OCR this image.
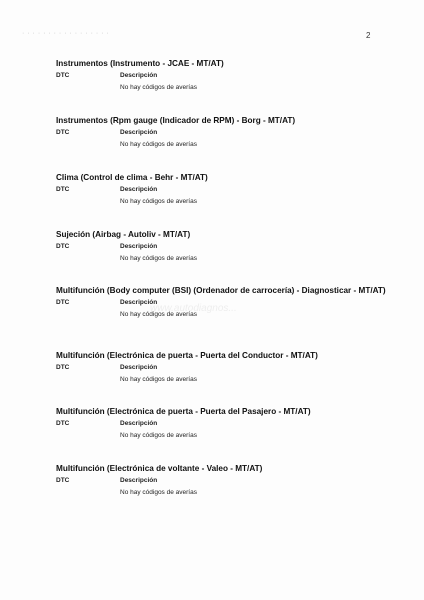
· · · · · · · · · · · · · · · · ·	2
www.autodiagnos...
Instrumentos (Instrumento - JCAE - MT/AT)
DTC	Descripción
No hay códigos de averías
Instrumentos (Rpm gauge (Indicador de RPM) - Borg - MT/AT)
DTC	Descripción
No hay códigos de averías
Clima (Control de clima - Behr - MT/AT)
DTC	Descripción
No hay códigos de averías
Sujeción (Airbag - Autoliv - MT/AT)
DTC	Descripción
No hay códigos de averías
Multifunción (Body computer (BSI) (Ordenador de carrocería) - Diagnosticar - MT/AT)
DTC	Descripción
No hay códigos de averías
Multifunción (Electrónica de puerta - Puerta del Conductor - MT/AT)
DTC	Descripción
No hay códigos de averías
Multifunción (Electrónica de puerta - Puerta del Pasajero - MT/AT)
DTC	Descripción
No hay códigos de averías
Multifunción (Electrónica de voltante - Valeo - MT/AT)
DTC	Descripción
No hay códigos de averías
